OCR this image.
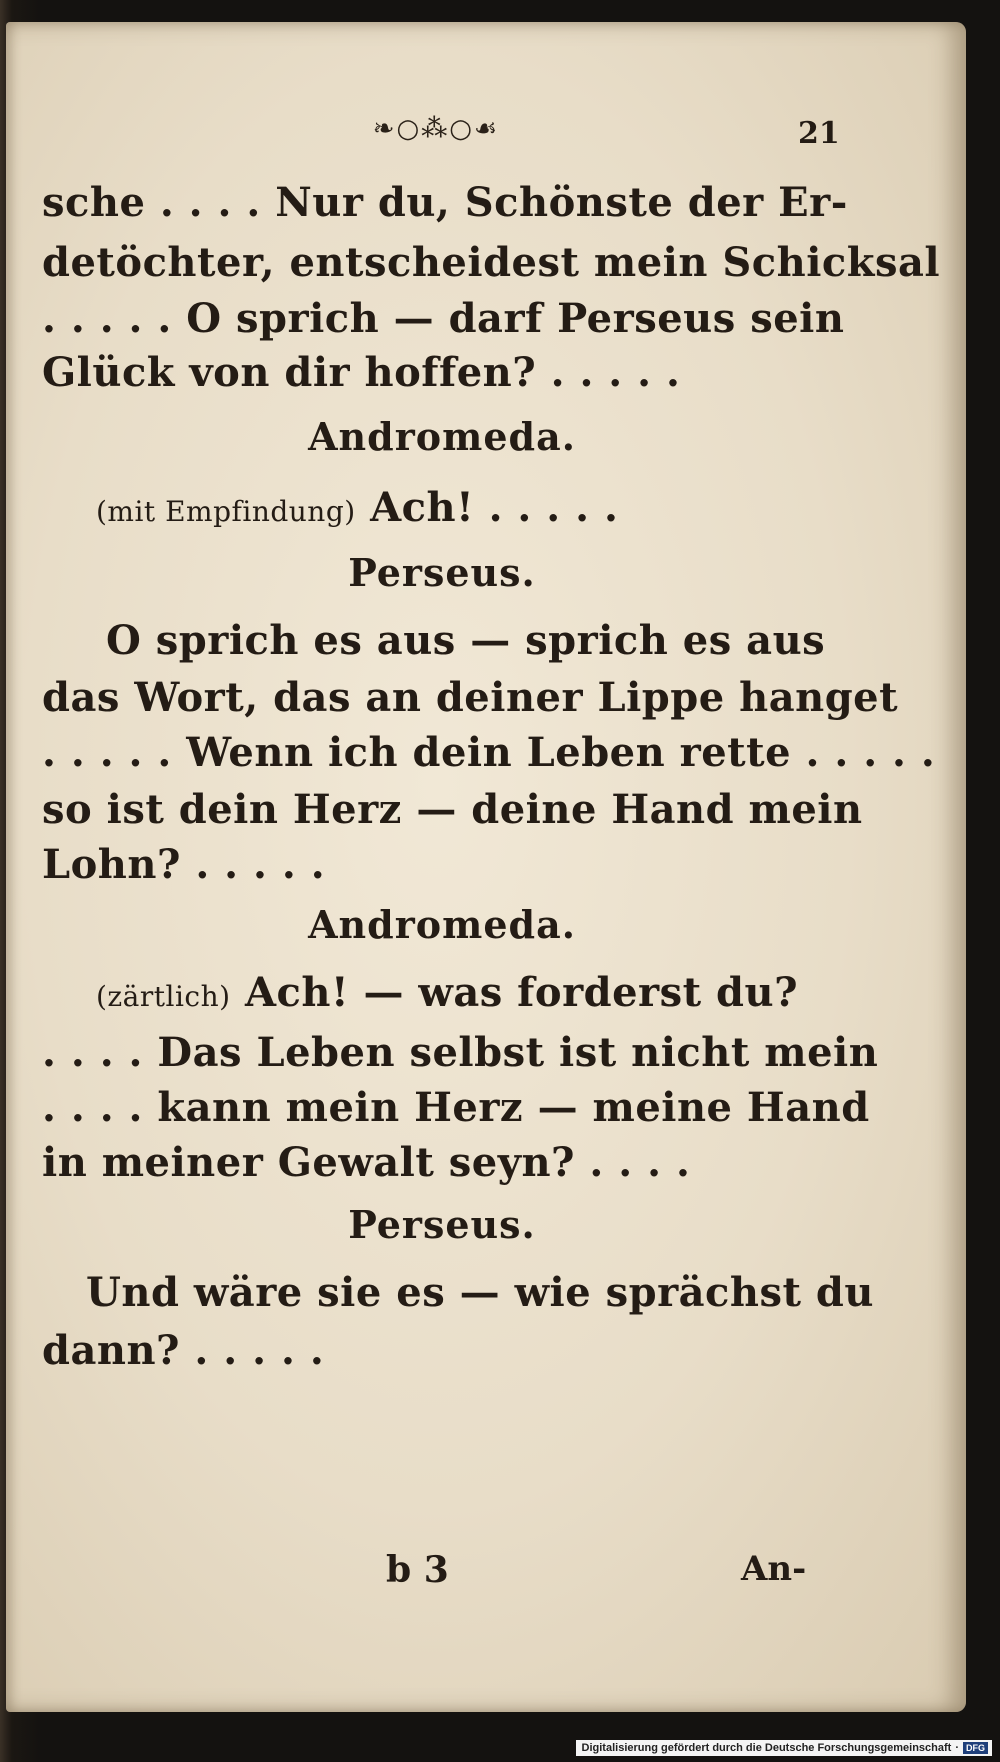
❧○⁂○☙	21
sche . . . . Nur du, Schönste der Er-
detöchter, entscheidest mein Schicksal
. . . . . O sprich — darf Perseus sein
Glück von dir hoffen? . . . . .
Andromeda.
(mit Empfindung) Ach! . . . . .
Perseus.
O sprich es aus — sprich es aus
das Wort, das an deiner Lippe hanget
. . . . . Wenn ich dein Leben rette . . . . .
so ist dein Herz — deine Hand mein
Lohn? . . . . .
Andromeda.
(zärtlich) Ach! — was forderst du?
. . . . Das Leben selbst ist nicht mein
. . . . kann mein Herz — meine Hand
in meiner Gewalt seyn? . . . .
Perseus.
Und wäre sie es — wie sprächst du
dann? . . . . .
b 3	An-
Digitalisierung gefördert durch die Deutsche Forschungsgemeinschaft · DFG
